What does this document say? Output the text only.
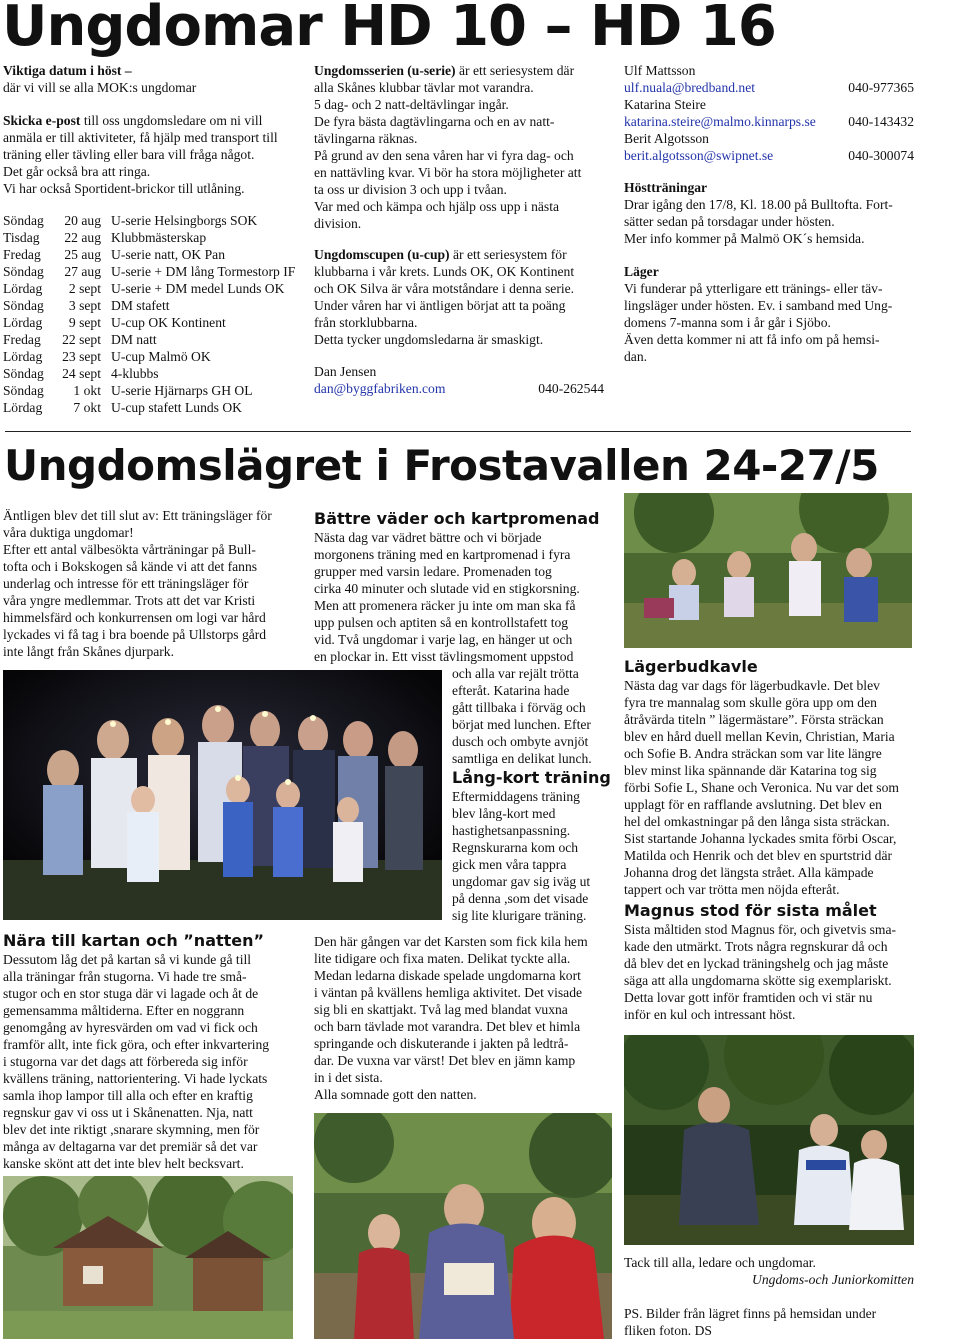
Ungdomar HD 10 – HD 16

Viktiga datum i höst –

där vi vill se alla MOK:s ungdomar

Skicka e-post till oss ungdomsledare om ni vill

anmäla er till aktiviteter, få hjälp med transport till

träning eller tävling eller bara vill fråga något.

Det går också bra att ringa.

Vi har också Sportident-brickor till utlåning.

Söndag	20 aug	U-serie Helsingborgs SOK
Tisdag	22 aug	Klubbmästerskap
Fredag	25 aug	U-serie natt, OK Pan
Söndag	27 aug	U-serie + DM lång Tormestorp IF
Lördag	2 sept	U-serie + DM medel Lunds OK
Söndag	3 sept	DM stafett
Lördag	9 sept	U-cup OK Kontinent
Fredag	22 sept	DM natt
Lördag	23 sept	U-cup Malmö OK
Söndag	24 sept	4-klubbs
Söndag	1 okt	U-serie Hjärnarps GH OL
Lördag	7 okt	U-cup stafett Lunds OK

Ungdomsserien (u-serie) är ett seriesystem där

alla Skånes klubbar tävlar mot varandra.

5 dag- och 2 natt-deltävlingar ingår.

De fyra bästa dagtävlingarna och en av natt-

tävlingarna räknas.

På grund av den sena våren har vi fyra dag- och

en nattävling kvar. Vi bör ha stora möjligheter att

ta oss ur division 3 och upp i tvåan.

Var med och kämpa och hjälp oss upp i nästa

division.

Ungdomscupen (u-cup) är ett seriesystem för

klubbarna i vår krets. Lunds OK, OK Kontinent

och OK Silva är våra motståndare i denna serie.

Under våren har vi äntligen börjat att ta poäng

från storklubbarna.

Detta tycker ungdomsledarna är smaskigt.

Dan Jensen

dan@byggfabriken.com	040-262544

Ulf Mattsson
ulf.nuala@bredband.net	040-977365
Katarina Steire
katarina.steire@malmo.kinnarps.se 040-143432
Berit Algotsson
berit.algotsson@swipnet.se	040-300074

Höstträningar

Drar igång den 17/8, Kl. 18.00 på Bulltofta. Fort-

sätter sedan på torsdagar under hösten.

Mer info kommer på Malmö OK´s hemsida.

Läger

Vi funderar på ytterligare ett tränings- eller täv-

lingsläger under hösten. Ev. i samband med Ung-

domens 7-manna som i år går i Sjöbo.

Även detta kommer ni att få info om på hemsi-

dan.

Ungdomslägret i Frostavallen 24-27/5

Äntligen blev det till slut av: Ett träningsläger för

våra duktiga ungdomar!

Efter ett antal välbesökta vårträningar på Bull-

tofta och i Bokskogen så kände vi att det fanns

underlag och intresse för ett träningsläger för

våra yngre medlemmar. Trots att det var Kristi

himmelsfärd och konkurrensen om logi var hård

lyckades vi få tag i bra boende på Ullstorps gård

inte långt från Skånes djurpark.

Nära till kartan och ”natten”

Dessutom låg det på kartan så vi kunde gå till

alla träningar från stugorna. Vi hade tre små-

stugor och en stor stuga där vi lagade och åt de

gemensamma måltiderna. Efter en noggrann

genomgång av hyresvärden om vad vi fick och

framför allt, inte fick göra, och efter inkvartering

i stugorna var det dags att förbereda sig inför

kvällens träning, nattorientering. Vi hade lyckats

samla ihop lampor till alla och efter en kraftig

regnskur gav vi oss ut i Skånenatten. Nja, natt

blev det inte riktigt ,snarare skymning, men för

många av deltagarna var det premiär så det var

kanske skönt att det inte blev helt becksvart.

Bättre väder och kartpromenad

Nästa dag var vädret bättre och vi började

morgonens träning med en kartpromenad i fyra

grupper med varsin ledare. Promenaden tog

cirka 40 minuter och slutade vid en stigkorsning.

Men att promenera räcker ju inte om man ska få

upp pulsen och aptiten så en kontrollstafett tog

vid. Två ungdomar i varje lag, en hänger ut och

en plockar in. Ett visst tävlingsmoment uppstod

och alla var rejält trötta

efteråt. Katarina hade

gått tillbaka i förväg och

börjat med lunchen. Efter

dusch och ombyte avnjöt

samtliga en delikat lunch.

Lång-kort träning

Eftermiddagens träning

blev lång-kort med

hastighetsanpassning.

Regnskurarna kom och

gick men våra tappra

ungdomar gav sig iväg ut

på denna ,som det visade

sig lite klurigare träning.

Den här gången var det Karsten som fick kila hem

lite tidigare och fixa maten. Delikat tyckte alla.

Medan ledarna diskade spelade ungdomarna kort

i väntan på kvällens hemliga aktivitet. Det visade

sig bli en skattjakt. Två lag med blandat vuxna

och barn tävlade mot varandra. Det blev et himla

springande och diskuterande i jakten på ledtrå-

dar. De vuxna var värst! Det blev en jämn kamp

in i det sista.

Alla somnade gott den natten.

Lägerbudkavle

Nästa dag var dags för lägerbudkavle. Det blev

fyra tre mannalag som skulle göra upp om den

åtråvärda titeln ” lägermästare”. Första sträckan

blev en hård duell mellan Kevin, Christian, Maria

och Sofie B. Andra sträckan som var lite längre

blev minst lika spännande där Katarina tog sig

förbi Sofie L, Shane och Veronica. Nu var det som

upplagt för en rafflande avslutning. Det blev en

hel del omkastningar på den långa sista sträckan.

Sist startande Johanna lyckades smita förbi Oscar,

Matilda och Henrik och det blev en spurtstrid där

Johanna drog det längsta strået. Alla kämpade

tappert och var trötta men nöjda efteråt.

Magnus stod för sista målet

Sista måltiden stod Magnus för, och givetvis sma-

kade den utmärkt. Trots några regnskurar då och

då blev det en lyckad träningshelg och jag måste

säga att alla ungdomarna skötte sig exemplariskt.

Detta lovar gott inför framtiden och vi stär nu

inför en kul och intressant höst.

Tack till alla, ledare och ungdomar.

Ungdoms-och Juniorkomitten

PS. Bilder från lägret finns på hemsidan under

fliken foton. DS
